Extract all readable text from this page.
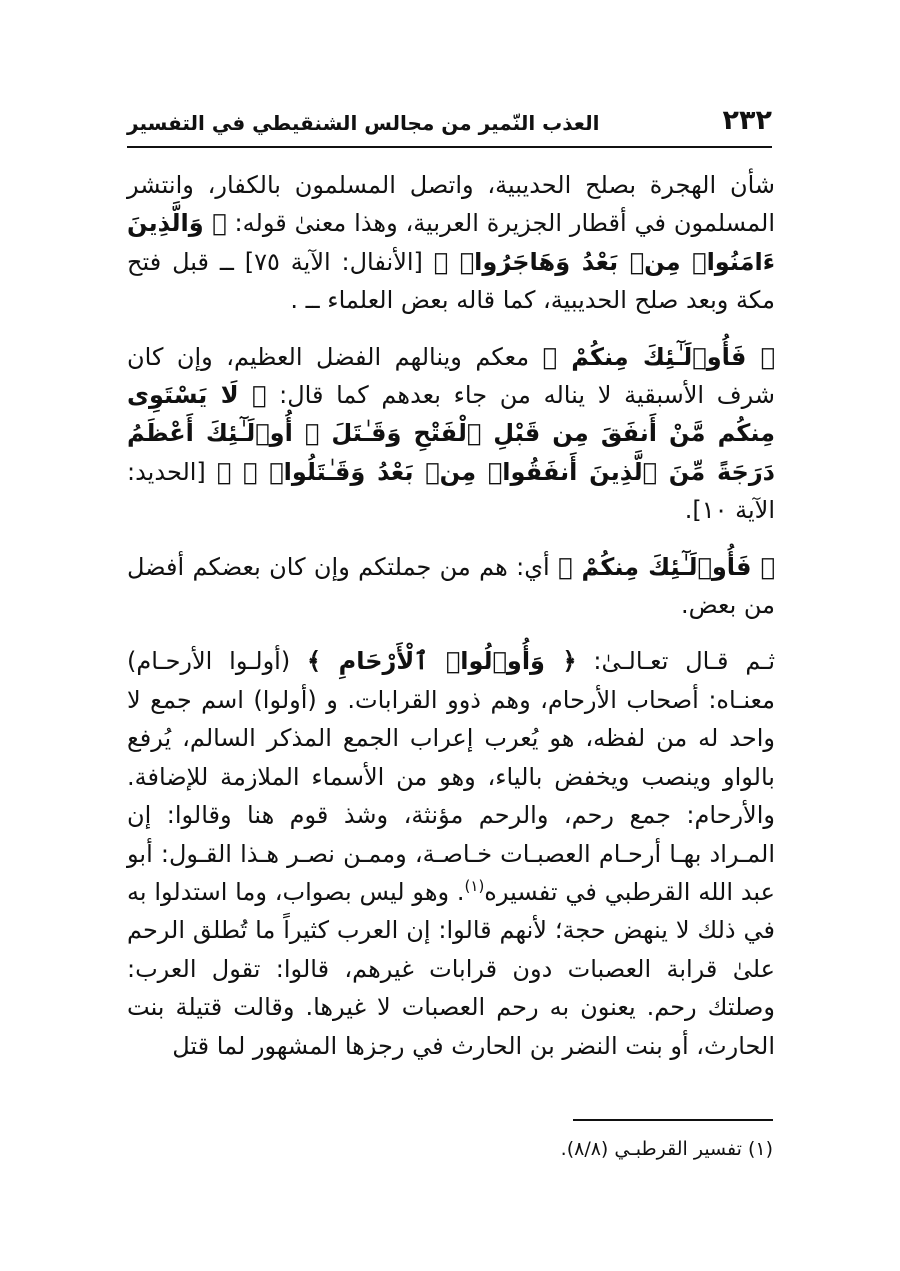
٢٣٢
العذب النّمير من مجالس الشنقيطي في التفسير

شأن الهجرة بصلح الحديبية، واتصل المسلمون بالكفار، وانتشر المسلمون في أقطار الجزيرة العربية، وهذا معنىٰ قوله: ﴿ وَالَّذِينَ ءَامَنُوا۟ مِنۢ بَعْدُ وَهَاجَرُوا۟ ﴾ [الأنفال: الآية ٧٥] ــ قبل فتح مكة وبعد صلح الحديبية، كما قاله بعض العلماء ــ .

﴿ فَأُو۟لَـٰٓئِكَ مِنكُمْ ﴾ معكم وينالهم الفضل العظيم، وإن كان شرف الأسبقية لا يناله من جاء بعدهم كما قال: ﴿ لَا يَسْتَوِى مِنكُم مَّنْ أَنفَقَ مِن قَبْلِ ٱلْفَتْحِ وَقَـٰتَلَ ۚ أُو۟لَـٰٓئِكَ أَعْظَمُ دَرَجَةً مِّنَ ٱلَّذِينَ أَنفَقُوا۟ مِنۢ بَعْدُ وَقَـٰتَلُوا۟ ۚ ﴾ [الحديد: الآية ١٠].

﴿ فَأُو۟لَـٰٓئِكَ مِنكُمْ ﴾ أي: هم من جملتكم وإن كان بعضكم أفضل من بعض.

ثـم قـال تعـالـىٰ: ﴿ وَأُو۟لُوا۟ ٱلْأَرْحَامِ ﴾ (أولـوا الأرحـام) معنـاه: أصحاب الأرحام، وهم ذوو القرابات. و (أولوا) اسم جمع لا واحد له من لفظه، هو يُعرب إعراب الجمع المذكر السالم، يُرفع بالواو وينصب ويخفض بالياء، وهو من الأسماء الملازمة للإضافة. والأرحام: جمع رحم، والرحم مؤنثة، وشذ قوم هنا وقالوا: إن المـراد بهـا أرحـام العصبـات خـاصـة، وممـن نصـر هـذا القـول: أبو عبد الله القرطبي في تفسيره$^{(١)}$. وهو ليس بصواب، وما استدلوا به في ذلك لا ينهض حجة؛ لأنهم قالوا: إن العرب كثيراً ما تُطلق الرحم علىٰ قرابة العصبات دون قرابات غيرهم، قالوا: تقول العرب: وصلتك رحم. يعنون به رحم العصبات لا غيرها. وقالت قتيلة بنت الحارث، أو بنت النضر بن الحارث في رجزها المشهور لما قتل

(١) تفسير القرطبـي (٨/٨).
